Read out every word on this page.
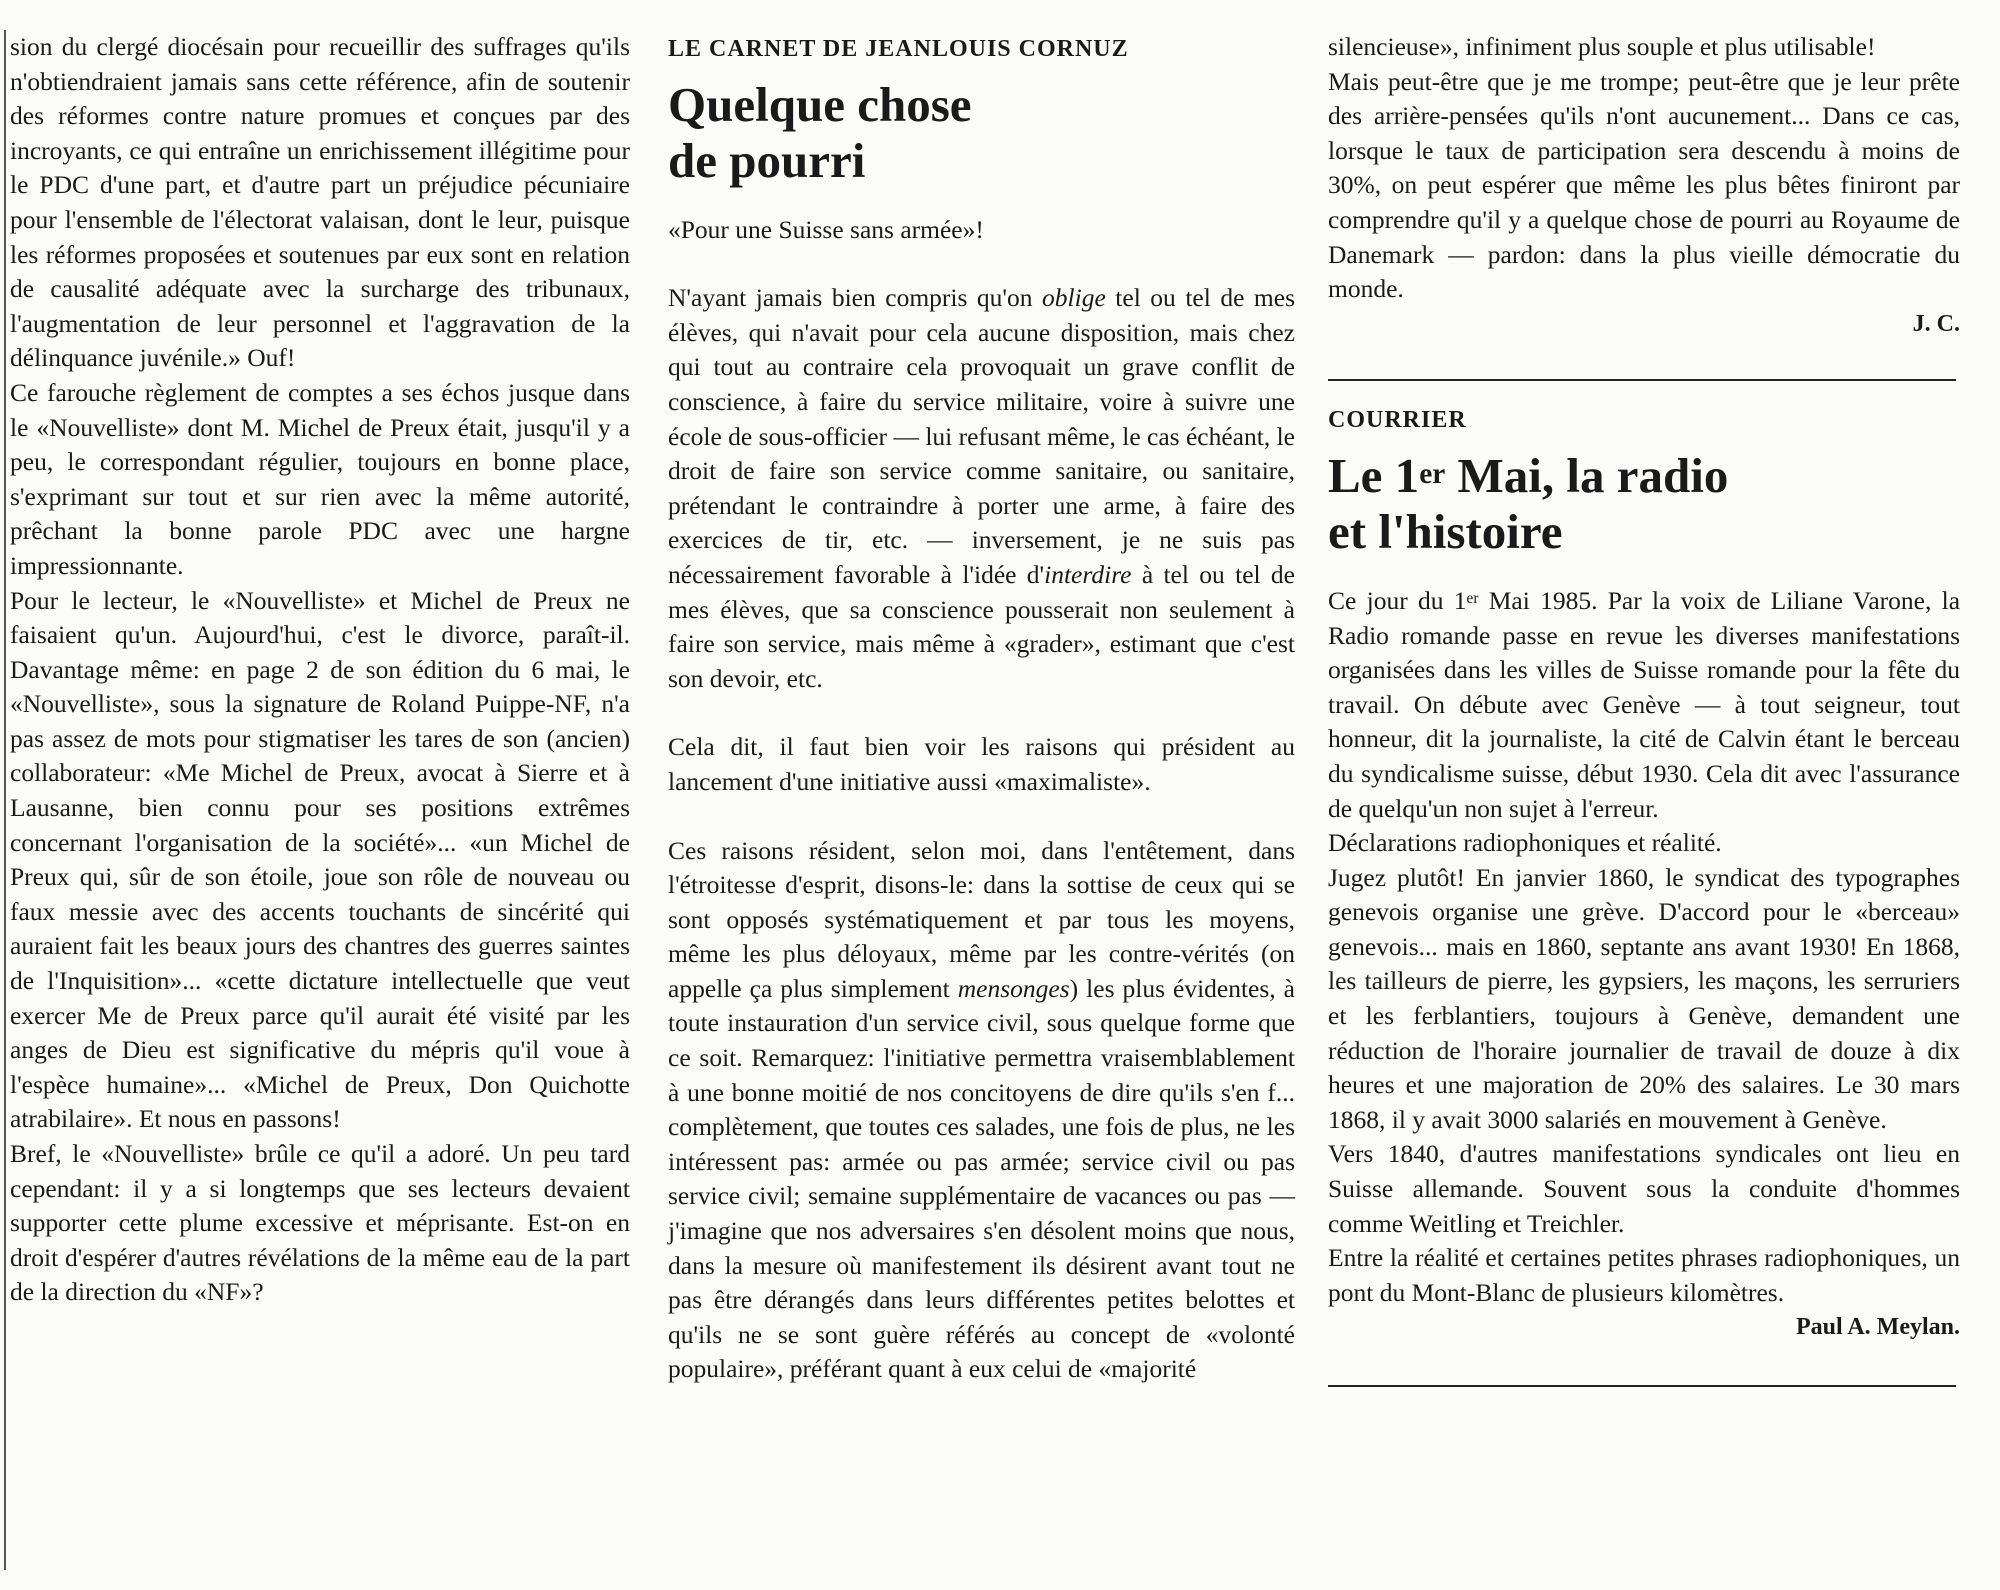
sion du clergé diocésain pour recueillir des suffrages qu'ils n'obtiendraient jamais sans cette référence, afin de soutenir des réformes contre nature promues et conçues par des incroyants, ce qui entraîne un enrichissement illégitime pour le PDC d'une part, et d'autre part un préjudice pécuniaire pour l'ensemble de l'électorat valaisan, dont le leur, puisque les réformes proposées et soutenues par eux sont en relation de causalité adéquate avec la surcharge des tribunaux, l'augmentation de leur personnel et l'aggravation de la délinquance juvénile.» Ouf!

Ce farouche règlement de comptes a ses échos jusque dans le «Nouvelliste» dont M. Michel de Preux était, jusqu'il y a peu, le correspondant régulier, toujours en bonne place, s'exprimant sur tout et sur rien avec la même autorité, prêchant la bonne parole PDC avec une hargne impressionnante.

Pour le lecteur, le «Nouvelliste» et Michel de Preux ne faisaient qu'un. Aujourd'hui, c'est le divorce, paraît-il. Davantage même: en page 2 de son édition du 6 mai, le «Nouvelliste», sous la signature de Roland Puippe-NF, n'a pas assez de mots pour stigmatiser les tares de son (ancien) collaborateur: «Me Michel de Preux, avocat à Sierre et à Lausanne, bien connu pour ses positions extrêmes concernant l'organisation de la société»... «un Michel de Preux qui, sûr de son étoile, joue son rôle de nouveau ou faux messie avec des accents touchants de sincérité qui auraient fait les beaux jours des chantres des guerres saintes de l'Inquisition»... «cette dictature intellectuelle que veut exercer Me de Preux parce qu'il aurait été visité par les anges de Dieu est significative du mépris qu'il voue à l'espèce humaine»... «Michel de Preux, Don Quichotte atrabilaire». Et nous en passons!

Bref, le «Nouvelliste» brûle ce qu'il a adoré. Un peu tard cependant: il y a si longtemps que ses lecteurs devaient supporter cette plume excessive et méprisante. Est-on en droit d'espérer d'autres révélations de la même eau de la part de la direction du «NF»?

LE CARNET DE JEANLOUIS CORNUZ
Quelque chose
de pourri

«Pour une Suisse sans armée»!

N'ayant jamais bien compris qu'on oblige tel ou tel de mes élèves, qui n'avait pour cela aucune disposition, mais chez qui tout au contraire cela provoquait un grave conflit de conscience, à faire du service militaire, voire à suivre une école de sous-officier — lui refusant même, le cas échéant, le droit de faire son service comme sanitaire, ou sanitaire, prétendant le contraindre à porter une arme, à faire des exercices de tir, etc. — inversement, je ne suis pas nécessairement favorable à l'idée d'interdire à tel ou tel de mes élèves, que sa conscience pousserait non seulement à faire son service, mais même à «grader», estimant que c'est son devoir, etc.

Cela dit, il faut bien voir les raisons qui président au lancement d'une initiative aussi «maximaliste».

Ces raisons résident, selon moi, dans l'entêtement, dans l'étroitesse d'esprit, disons-le: dans la sottise de ceux qui se sont opposés systématiquement et par tous les moyens, même les plus déloyaux, même par les contre-vérités (on appelle ça plus simplement mensonges) les plus évidentes, à toute instauration d'un service civil, sous quelque forme que ce soit. Remarquez: l'initiative permettra vraisemblablement à une bonne moitié de nos concitoyens de dire qu'ils s'en f... complètement, que toutes ces salades, une fois de plus, ne les intéressent pas: armée ou pas armée; service civil ou pas service civil; semaine supplémentaire de vacances ou pas — j'imagine que nos adversaires s'en désolent moins que nous, dans la mesure où manifestement ils désirent avant tout ne pas être dérangés dans leurs différentes petites belottes et qu'ils ne se sont guère référés au concept de «volonté populaire», préférant quant à eux celui de «majorité

silencieuse», infiniment plus souple et plus utilisable!

Mais peut-être que je me trompe; peut-être que je leur prête des arrière-pensées qu'ils n'ont aucunement... Dans ce cas, lorsque le taux de participation sera descendu à moins de 30%, on peut espérer que même les plus bêtes finiront par comprendre qu'il y a quelque chose de pourri au Royaume de Danemark — pardon: dans la plus vieille démocratie du monde.

J. C.
COURRIER
Le 1er Mai, la radio
et l'histoire

Ce jour du 1er Mai 1985. Par la voix de Liliane Varone, la Radio romande passe en revue les diverses manifestations organisées dans les villes de Suisse romande pour la fête du travail. On débute avec Genève — à tout seigneur, tout honneur, dit la journaliste, la cité de Calvin étant le berceau du syndicalisme suisse, début 1930. Cela dit avec l'assurance de quelqu'un non sujet à l'erreur.

Déclarations radiophoniques et réalité.

Jugez plutôt! En janvier 1860, le syndicat des typographes genevois organise une grève. D'accord pour le «berceau» genevois... mais en 1860, septante ans avant 1930! En 1868, les tailleurs de pierre, les gypsiers, les maçons, les serruriers et les ferblantiers, toujours à Genève, demandent une réduction de l'horaire journalier de travail de douze à dix heures et une majoration de 20% des salaires. Le 30 mars 1868, il y avait 3000 salariés en mouvement à Genève.

Vers 1840, d'autres manifestations syndicales ont lieu en Suisse allemande. Souvent sous la conduite d'hommes comme Weitling et Treichler.

Entre la réalité et certaines petites phrases radiophoniques, un pont du Mont-Blanc de plusieurs kilomètres.

Paul A. Meylan.
